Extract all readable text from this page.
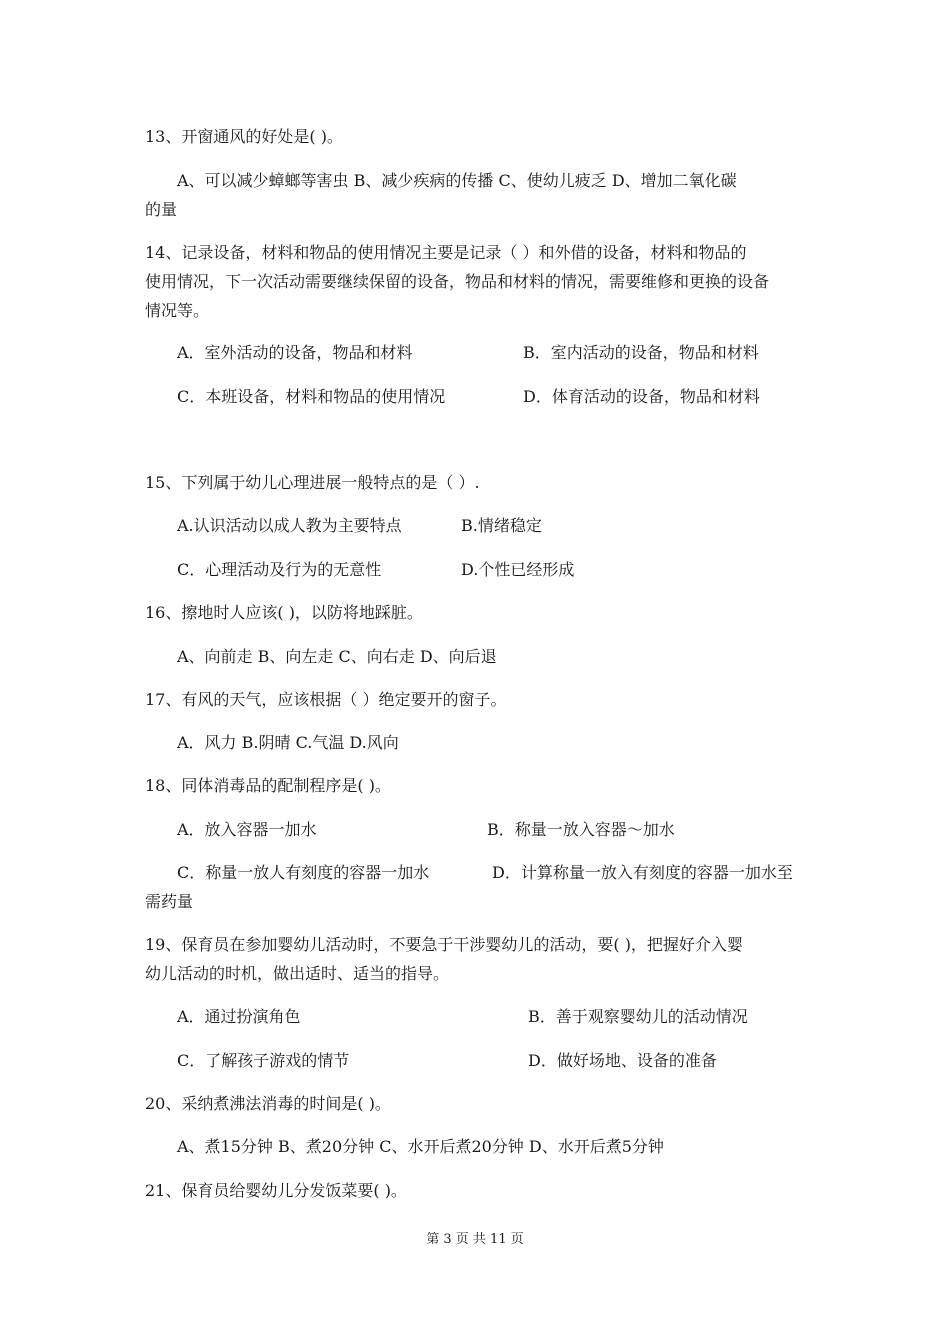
13、开窗通风的好处是( )。
A、可以减少蟑螂等害虫 B、减少疾病的传播 C、使幼儿疲乏 D、增加二氧化碳
的量
14、记录设备，材料和物品的使用情况主要是记录（ ）和外借的设备，材料和物品的
使用情况，下一次活动需要继续保留的设备，物品和材料的情况，需要维修和更换的设备
情况等。
A．室外活动的设备，物品和材料	B．室内活动的设备，物品和材料
C．本班设备，材料和物品的使用情况	D．体育活动的设备，物品和材料
15、下列属于幼儿心理进展一般特点的是（ ）.
A.认识活动以成人教为主要特点	B.情绪稳定
C．心理活动及行为的无意性	D.个性已经形成
16、擦地时人应该( )，以防将地踩脏。
A、向前走 B、向左走 C、向右走 D、向后退
17、有风的天气，应该根据（ ）绝定要开的窗子。
A．风力 B.阴晴 C.气温 D.风向
18、同体消毒品的配制程序是( )。
A．放入容器一加水	B．称量一放入容器～加水
C．称量一放人有刻度的容器一加水	D．计算称量一放入有刻度的容器一加水至
需药量
19、保育员在参加婴幼儿活动时，不要急于干涉婴幼儿的活动，要( )，把握好介入婴
幼儿活动的时机，做出适时、适当的指导。
A．通过扮演角色	B．善于观察婴幼儿的活动情况
C．了解孩子游戏的情节	D．做好场地、设备的准备
20、采纳煮沸法消毒的时间是( )。
A、煮15分钟 B、煮20分钟 C、水开后煮20分钟 D、水开后煮5分钟
21、保育员给婴幼儿分发饭菜要( )。
第 3 页 共 11 页
